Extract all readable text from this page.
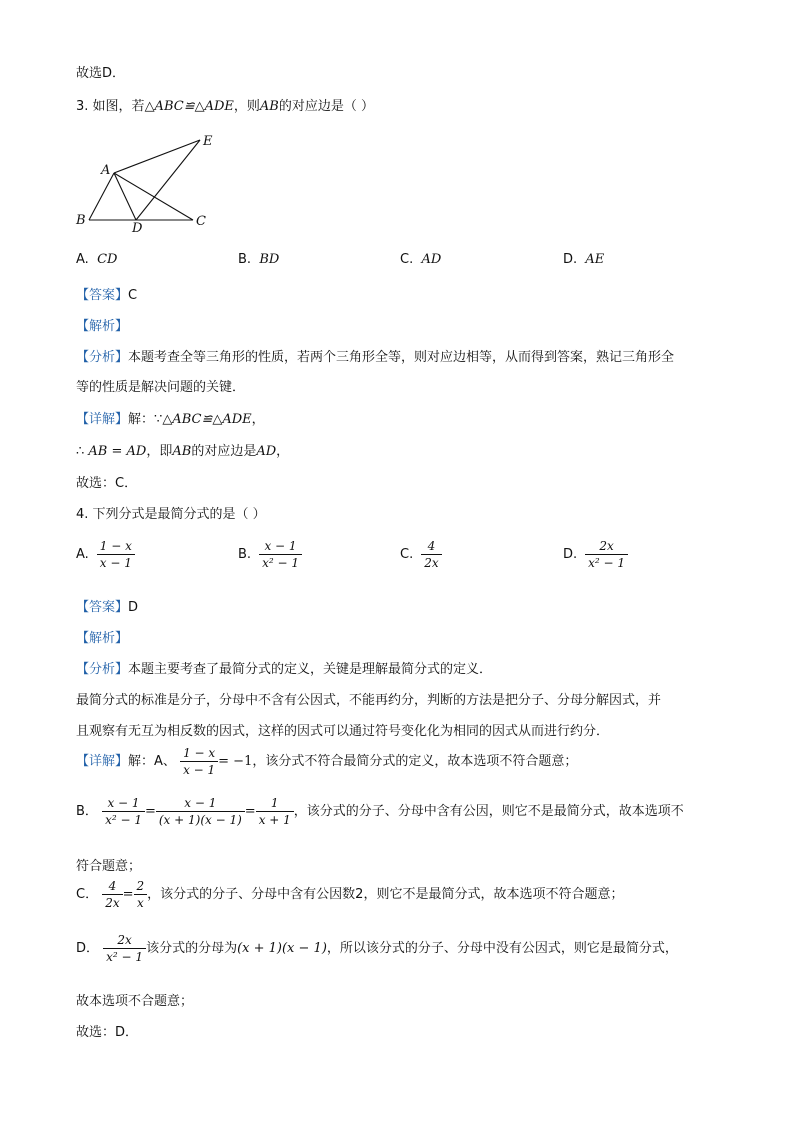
故选D．
3. 如图，若△ABC≌△ADE，则AB的对应边是（ ）
A
B
D	C
E
A. CD	B. BD	C. AD	D. AE
【答案】C
【解析】
【分析】本题考查全等三角形的性质，若两个三角形全等，则对应边相等，从而得到答案，熟记三角形全
等的性质是解决问题的关键．
【详解】解：∵△ABC≌△ADE，
∴ AB = AD，即AB的对应边是AD，
故选：C．
4. 下列分式是最简分式的是（ ）
A. $\frac{1 - x}{x - 1}$	B. $\frac{x - 1}{\text{x² − 1}}$	C. $\frac{4}{2x}$	D. $\frac{2x}{\text{x² − 1}}$
【答案】D
【解析】
【分析】本题主要考查了最简分式的定义，关键是理解最简分式的定义．
最简分式的标准是分子，分母中不含有公因式，不能再约分，判断的方法是把分子、分母分解因式，并
且观察有无互为相反数的因式，这样的因式可以通过符号变化化为相同的因式从而进行约分．
【详解】解：A、 $\frac{1 - x}{x - 1} = -1$，该分式不符合最简分式的定义，故本选项不符合题意；
B． $\frac{x - 1}{\text{x² − 1}} = \frac{x - 1}{(x + 1)(x - 1)} = \frac{1}{x + 1}$ ，该分式的分子、分母中含有公因，则它不是最简分式，故本选项不
符合题意；
C． $\frac{4}{2x} = \frac{2}{x}$ ，该分式的分子、分母中含有公因数2，则它不是最简分式，故本选项不符合题意；
D． $\frac{2x}{\text{x² − 1}}$ 该分式的分母为(x + 1)(x − 1)，所以该分式的分子、分母中没有公因式，则它是最简分式，
故本选项不合题意；
故选：D．
